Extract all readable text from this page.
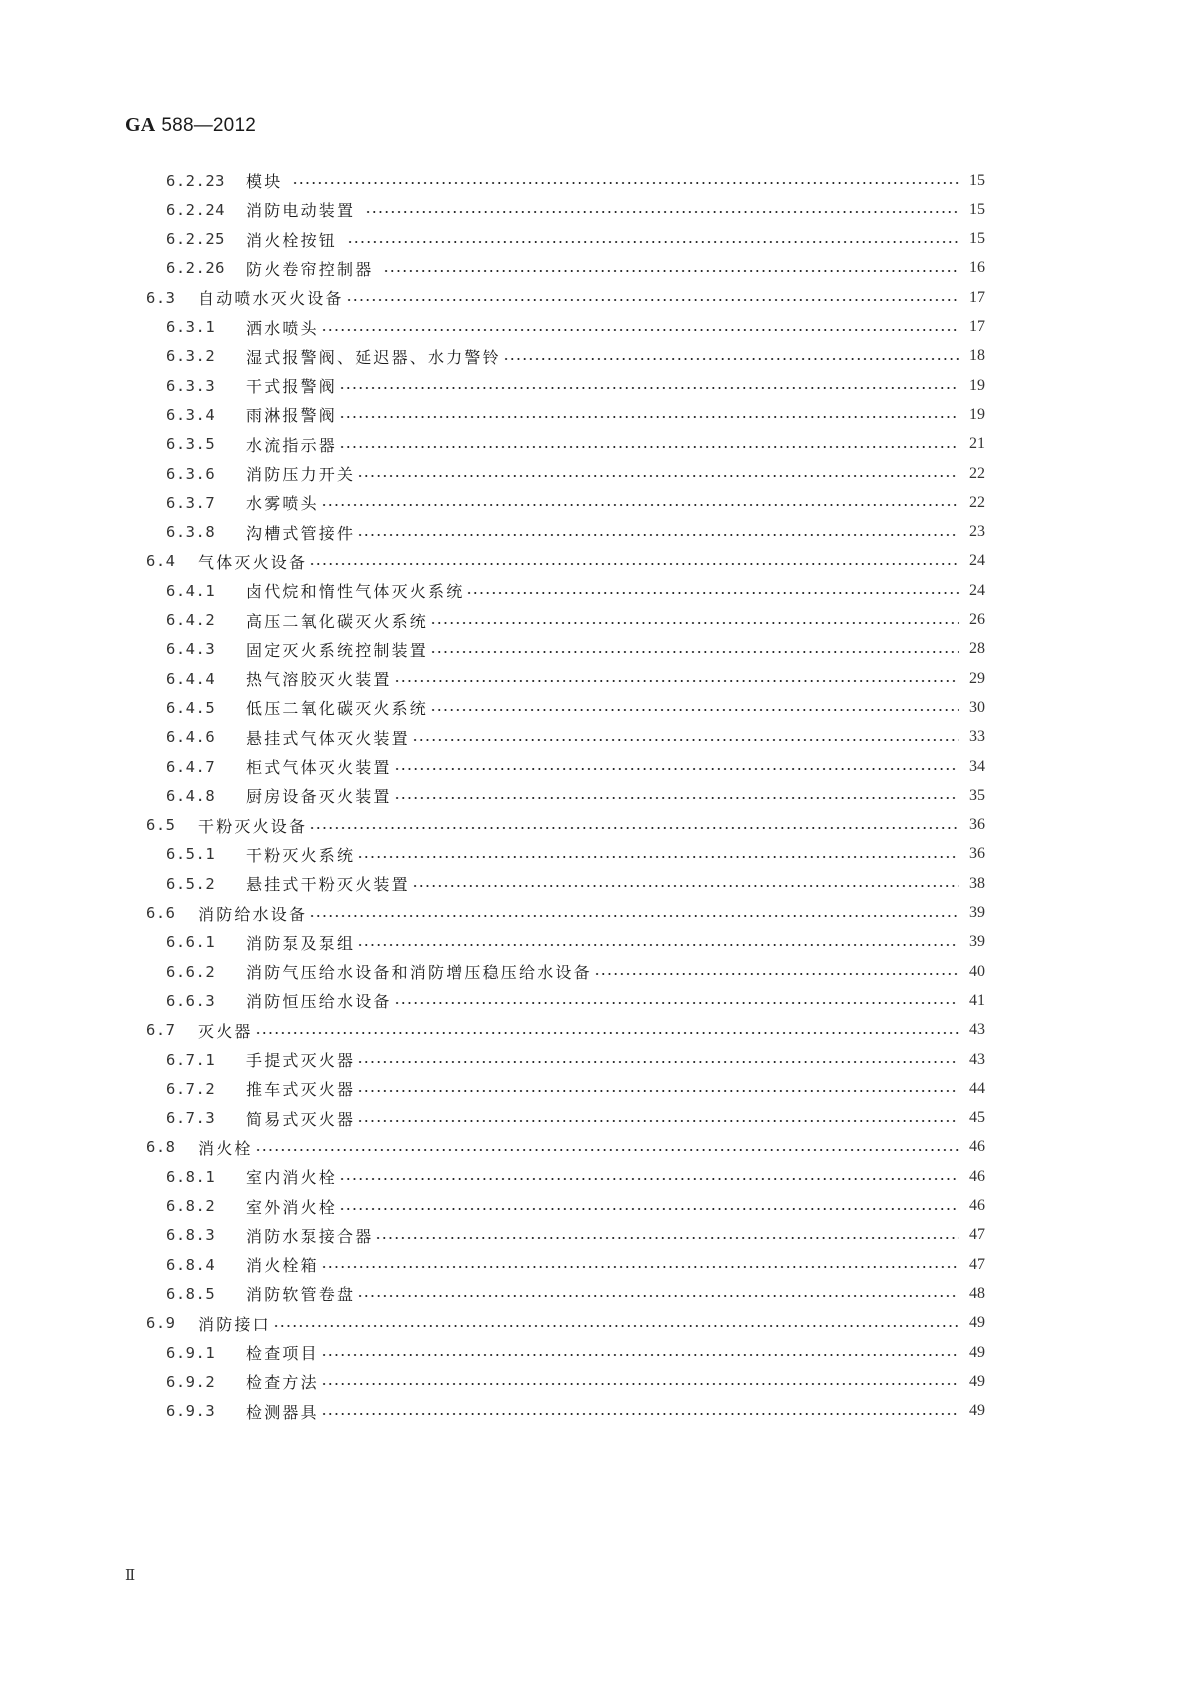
GA 588—2012
6.2.23	模块	15
6.2.24	消防电动装置	15
6.2.25	消火栓按钮	15
6.2.26	防火卷帘控制器	16
6.3	自动喷水灭火设备	17
6.3.1	洒水喷头	17
6.3.2	湿式报警阀、延迟器、水力警铃	18
6.3.3	干式报警阀	19
6.3.4	雨淋报警阀	19
6.3.5	水流指示器	21
6.3.6	消防压力开关	22
6.3.7	水雾喷头	22
6.3.8	沟槽式管接件	23
6.4	气体灭火设备	24
6.4.1	卤代烷和惰性气体灭火系统	24
6.4.2	高压二氧化碳灭火系统	26
6.4.3	固定灭火系统控制装置	28
6.4.4	热气溶胶灭火装置	29
6.4.5	低压二氧化碳灭火系统	30
6.4.6	悬挂式气体灭火装置	33
6.4.7	柜式气体灭火装置	34
6.4.8	厨房设备灭火装置	35
6.5	干粉灭火设备	36
6.5.1	干粉灭火系统	36
6.5.2	悬挂式干粉灭火装置	38
6.6	消防给水设备	39
6.6.1	消防泵及泵组	39
6.6.2	消防气压给水设备和消防增压稳压给水设备	40
6.6.3	消防恒压给水设备	41
6.7	灭火器	43
6.7.1	手提式灭火器	43
6.7.2	推车式灭火器	44
6.7.3	简易式灭火器	45
6.8	消火栓	46
6.8.1	室内消火栓	46
6.8.2	室外消火栓	46
6.8.3	消防水泵接合器	47
6.8.4	消火栓箱	47
6.8.5	消防软管卷盘	48
6.9	消防接口	49
6.9.1	检查项目	49
6.9.2	检查方法	49
6.9.3	检测器具	49
Ⅱ
